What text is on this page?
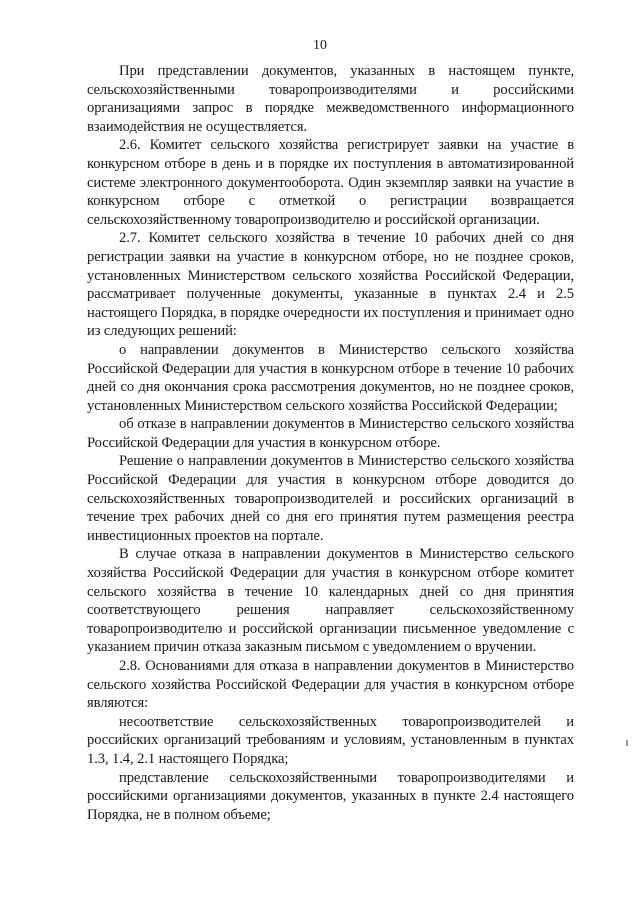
10

При представлении документов, указанных в настоящем пункте, сельскохозяйственными товаропроизводителями и российскими организациями запрос в порядке межведомственного информационного взаимодействия не осуществляется.

2.6. Комитет сельского хозяйства регистрирует заявки на участие в конкурсном отборе в день и в порядке их поступления в автоматизированной системе электронного документооборота. Один экземпляр заявки на участие в конкурсном отборе с отметкой о регистрации возвращается сельскохозяйственному товаропроизводителю и российской организации.

2.7. Комитет сельского хозяйства в течение 10 рабочих дней со дня регистрации заявки на участие в конкурсном отборе, но не позднее сроков, установленных Министерством сельского хозяйства Российской Федерации, рассматривает полученные документы, указанные в пунктах 2.4 и 2.5 настоящего Порядка, в порядке очередности их поступления и принимает одно из следующих решений:

о направлении документов в Министерство сельского хозяйства Российской Федерации для участия в конкурсном отборе в течение 10 рабочих дней со дня окончания срока рассмотрения документов, но не позднее сроков, установленных Министерством сельского хозяйства Российской Федерации;

об отказе в направлении документов в Министерство сельского хозяйства Российской Федерации для участия в конкурсном отборе.

Решение о направлении документов в Министерство сельского хозяйства Российской Федерации для участия в конкурсном отборе доводится до сельскохозяйственных товаропроизводителей и российских организаций в течение трех рабочих дней со дня его принятия путем размещения реестра инвестиционных проектов на портале.

В случае отказа в направлении документов в Министерство сельского хозяйства Российской Федерации для участия в конкурсном отборе комитет сельского хозяйства в течение 10 календарных дней со дня принятия соответствующего решения направляет сельскохозяйственному товаропроизводителю и российской организации письменное уведомление с указанием причин отказа заказным письмом с уведомлением о вручении.

2.8. Основаниями для отказа в направлении документов в Министерство сельского хозяйства Российской Федерации для участия в конкурсном отборе являются:

несоответствие сельскохозяйственных товаропроизводителей и российских организаций требованиям и условиям, установленным в пунктах 1.3, 1.4, 2.1 настоящего Порядка;

представление сельскохозяйственными товаропроизводителями и российскими организациями документов, указанных в пункте 2.4 настоящего Порядка, не в полном объеме;
